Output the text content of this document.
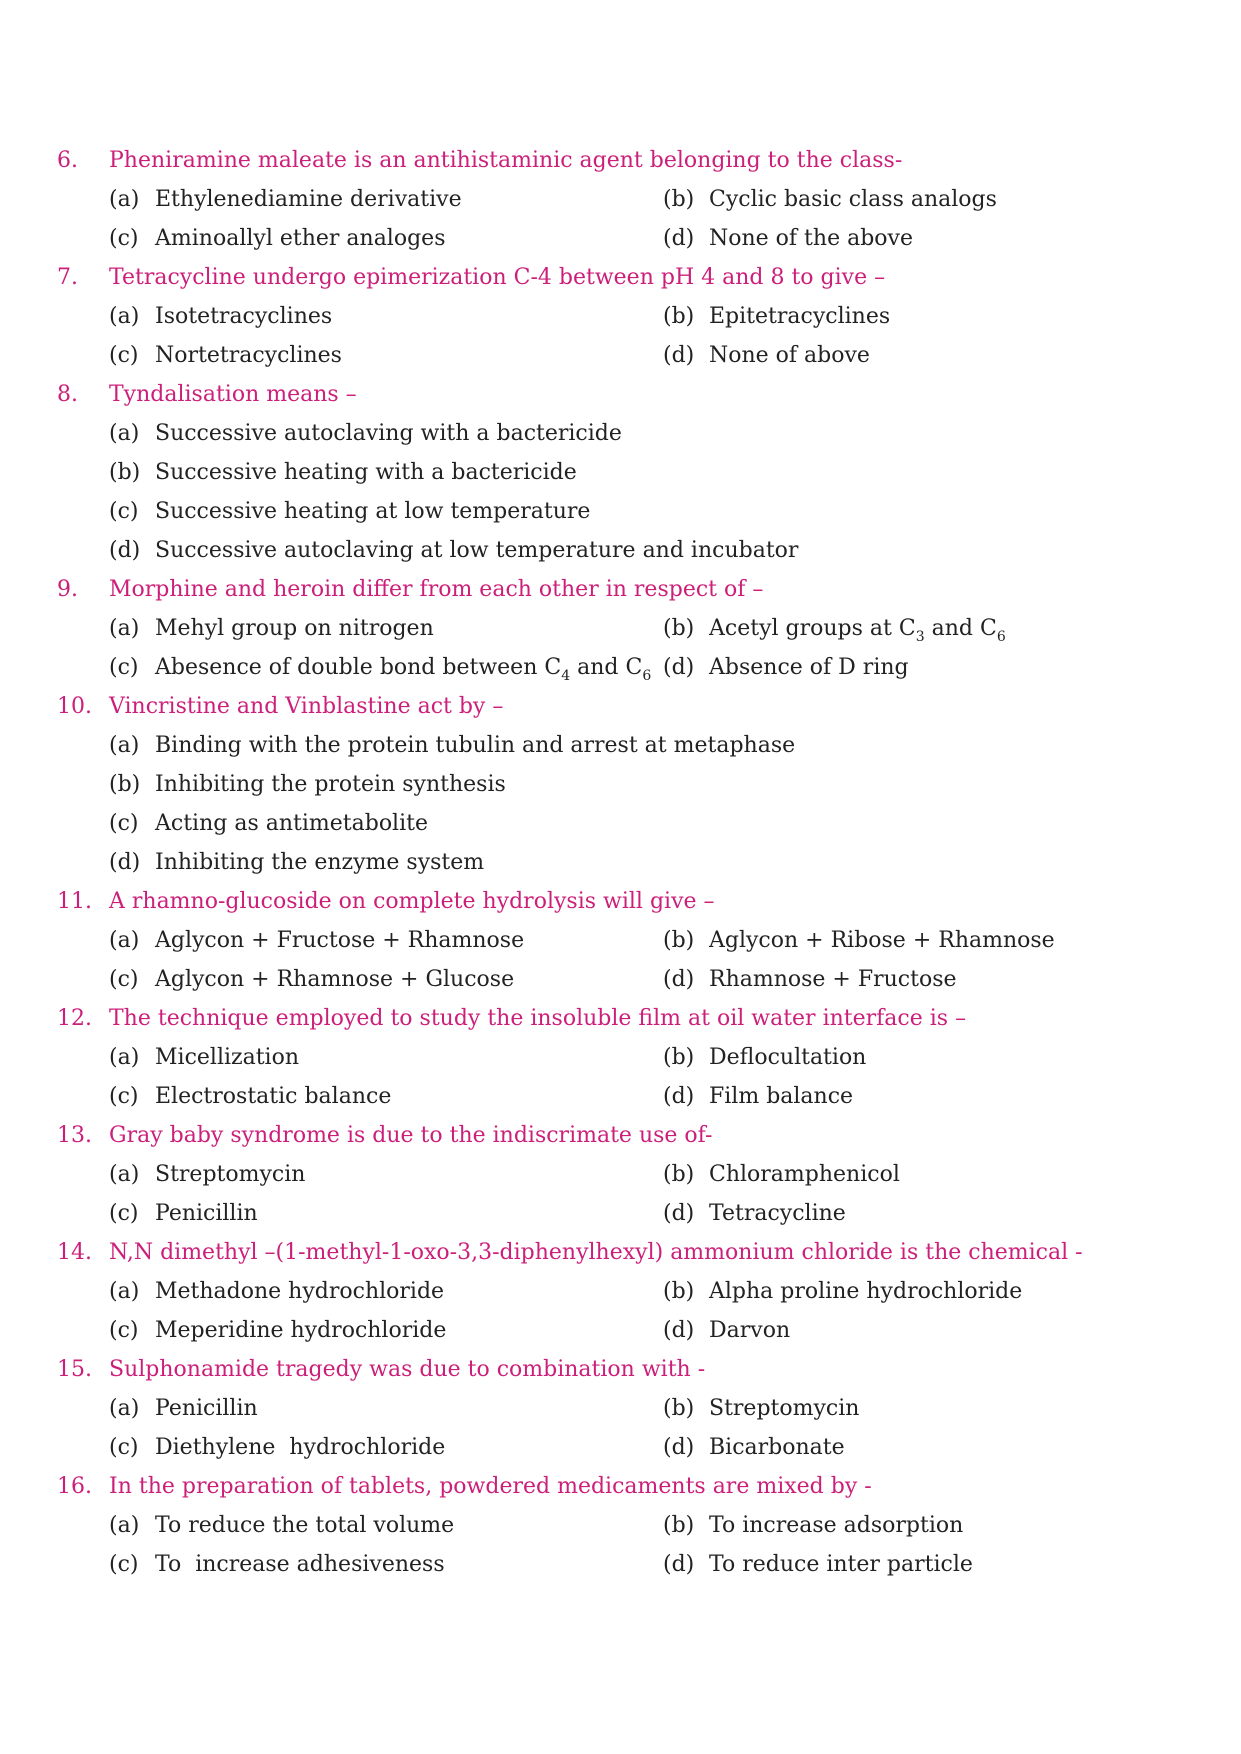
6. Pheniramine maleate is an antihistaminic agent belonging to the class-
(a) Ethylenediamine derivative	(b) Cyclic basic class analogs
(c) Aminoallyl ether analoges	(d) None of the above
7. Tetracycline undergo epimerization C-4 between pH 4 and 8 to give –
(a) Isotetracyclines	(b) Epitetracyclines
(c) Nortetracyclines	(d) None of above
8. Tyndalisation means –
(a) Successive autoclaving with a bactericide
(b) Successive heating with a bactericide
(c) Successive heating at low temperature
(d) Successive autoclaving at low temperature and incubator
9. Morphine and heroin differ from each other in respect of –
(a) Mehyl group on nitrogen	(b) Acetyl groups at $C_3$ and $C_6$
(c) Abesence of double bond between $C_4$ and $C_6$ (d) Absence of D ring
10. Vincristine and Vinblastine act by –
(a) Binding with the protein tubulin and arrest at metaphase
(b) Inhibiting the protein synthesis
(c) Acting as antimetabolite
(d) Inhibiting the enzyme system
11. A rhamno-glucoside on complete hydrolysis will give –
(a) Aglycon + Fructose + Rhamnose	(b) Aglycon + Ribose + Rhamnose
(c) Aglycon + Rhamnose + Glucose	(d) Rhamnose + Fructose
12. The technique employed to study the insoluble film at oil water interface is –
(a) Micellization	(b) Deflocultation
(c) Electrostatic balance	(d) Film balance
13. Gray baby syndrome is due to the indiscrimate use of-
(a) Streptomycin	(b) Chloramphenicol
(c) Penicillin	(d) Tetracycline
14. N,N dimethyl –(1-methyl-1-oxo-3,3-diphenylhexyl) ammonium chloride is the chemical -
(a) Methadone hydrochloride	(b) Alpha proline hydrochloride
(c) Meperidine hydrochloride	(d) Darvon
15. Sulphonamide tragedy was due to combination with -
(a) Penicillin	(b) Streptomycin
(c) Diethylene  hydrochloride	(d) Bicarbonate
16. In the preparation of tablets, powdered medicaments are mixed by -
(a) To reduce the total volume	(b) To increase adsorption
(c) To  increase adhesiveness	(d) To reduce inter particle
